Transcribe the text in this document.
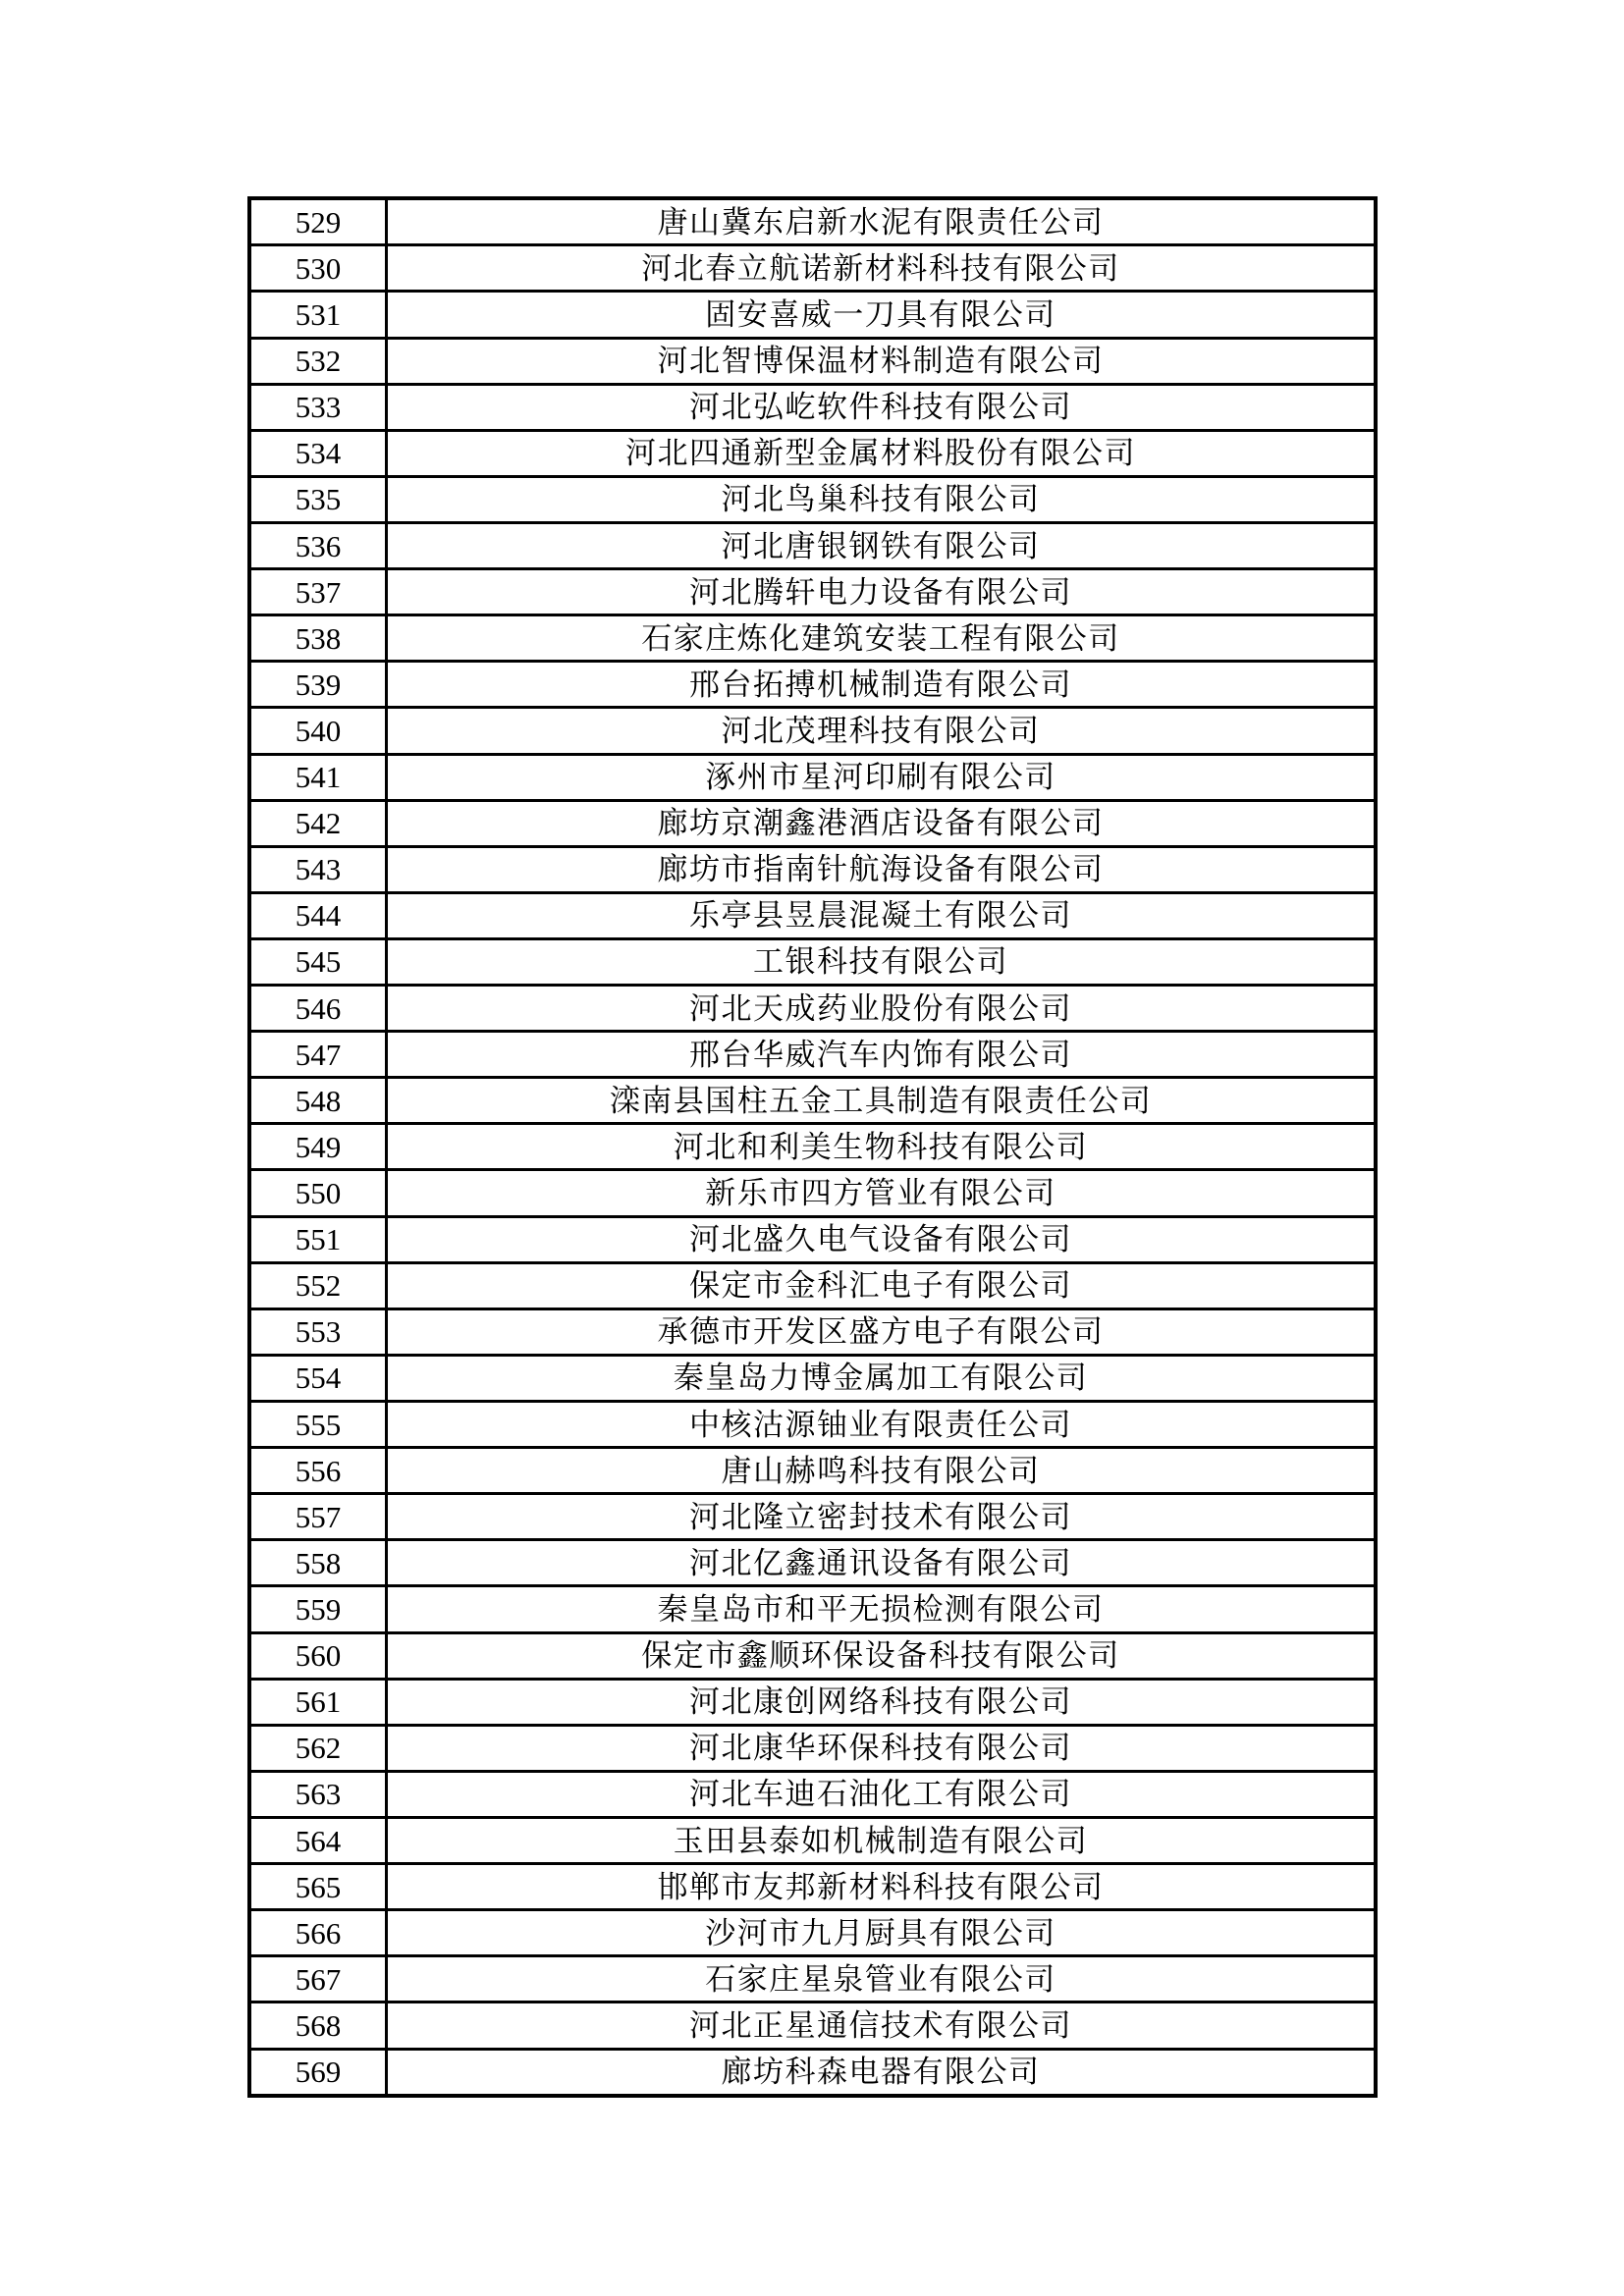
529	唐山冀东启新水泥有限责任公司
530	河北春立航诺新材料科技有限公司
531	固安喜威一刀具有限公司
532	河北智博保温材料制造有限公司
533	河北弘屹软件科技有限公司
534	河北四通新型金属材料股份有限公司
535	河北鸟巢科技有限公司
536	河北唐银钢铁有限公司
537	河北腾轩电力设备有限公司
538	石家庄炼化建筑安装工程有限公司
539	邢台拓搏机械制造有限公司
540	河北茂理科技有限公司
541	涿州市星河印刷有限公司
542	廊坊京潮鑫港酒店设备有限公司
543	廊坊市指南针航海设备有限公司
544	乐亭县昱晨混凝土有限公司
545	工银科技有限公司
546	河北天成药业股份有限公司
547	邢台华威汽车内饰有限公司
548	滦南县国柱五金工具制造有限责任公司
549	河北和利美生物科技有限公司
550	新乐市四方管业有限公司
551	河北盛久电气设备有限公司
552	保定市金科汇电子有限公司
553	承德市开发区盛方电子有限公司
554	秦皇岛力博金属加工有限公司
555	中核沽源铀业有限责任公司
556	唐山赫鸣科技有限公司
557	河北隆立密封技术有限公司
558	河北亿鑫通讯设备有限公司
559	秦皇岛市和平无损检测有限公司
560	保定市鑫顺环保设备科技有限公司
561	河北康创网络科技有限公司
562	河北康华环保科技有限公司
563	河北车迪石油化工有限公司
564	玉田县泰如机械制造有限公司
565	邯郸市友邦新材料科技有限公司
566	沙河市九月厨具有限公司
567	石家庄星泉管业有限公司
568	河北正星通信技术有限公司
569	廊坊科森电器有限公司
